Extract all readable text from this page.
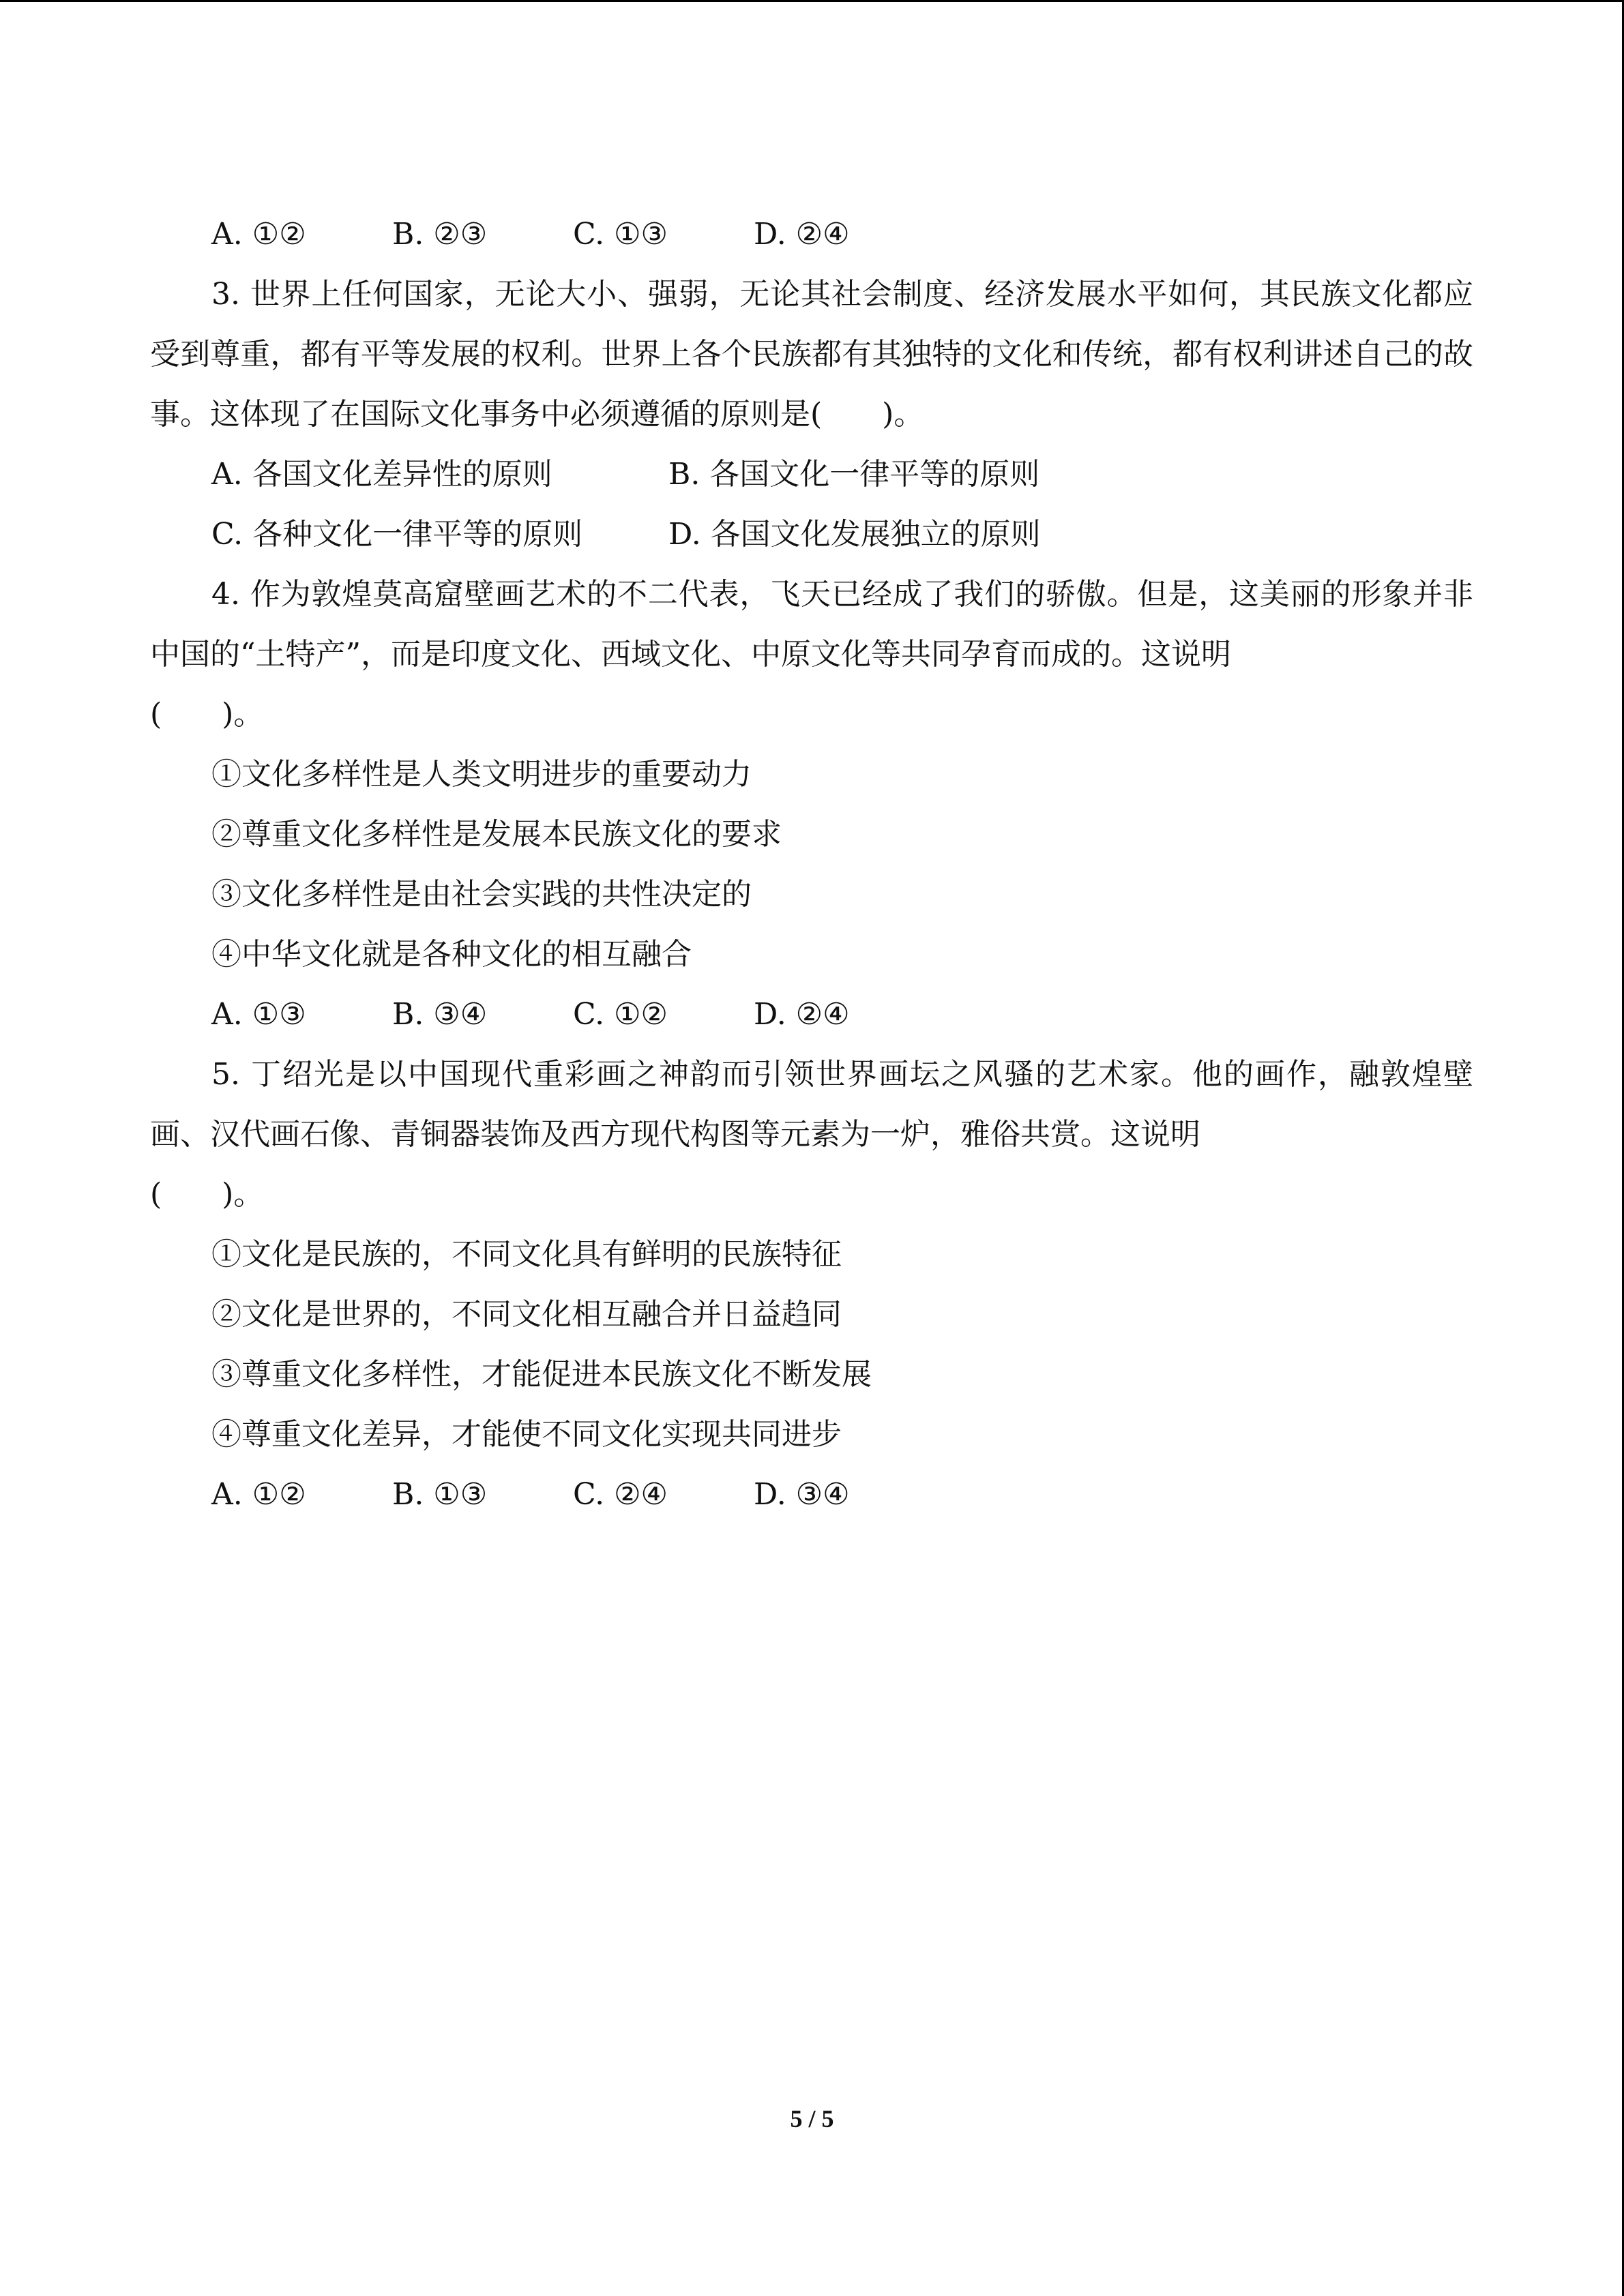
A. ①②	B. ②③	C. ①③	D. ②④
3. 世界上任何国家，无论大小、强弱，无论其社会制度、经济发展水平如何，其民族文化都应受到尊重，都有平等发展的权利。世界上各个民族都有其独特的文化和传统，都有权利讲述自己的故事。这体现了在国际文化事务中必须遵循的原则是(　　)。
A. 各国文化差异性的原则	B. 各国文化一律平等的原则
C. 各种文化一律平等的原则	D. 各国文化发展独立的原则
4. 作为敦煌莫高窟壁画艺术的不二代表，飞天已经成了我们的骄傲。但是，这美丽的形象并非中国的“土特产”，而是印度文化、西域文化、中原文化等共同孕育而成的。这说明
(　　)。
①文化多样性是人类文明进步的重要动力
②尊重文化多样性是发展本民族文化的要求
③文化多样性是由社会实践的共性决定的
④中华文化就是各种文化的相互融合
A. ①③	B. ③④	C. ①②	D. ②④
5. 丁绍光是以中国现代重彩画之神韵而引领世界画坛之风骚的艺术家。他的画作，融敦煌壁画、汉代画石像、青铜器装饰及西方现代构图等元素为一炉，雅俗共赏。这说明
(　　)。
①文化是民族的，不同文化具有鲜明的民族特征
②文化是世界的，不同文化相互融合并日益趋同
③尊重文化多样性，才能促进本民族文化不断发展
④尊重文化差异，才能使不同文化实现共同进步
A. ①②	B. ①③	C. ②④	D. ③④
5 / 5
